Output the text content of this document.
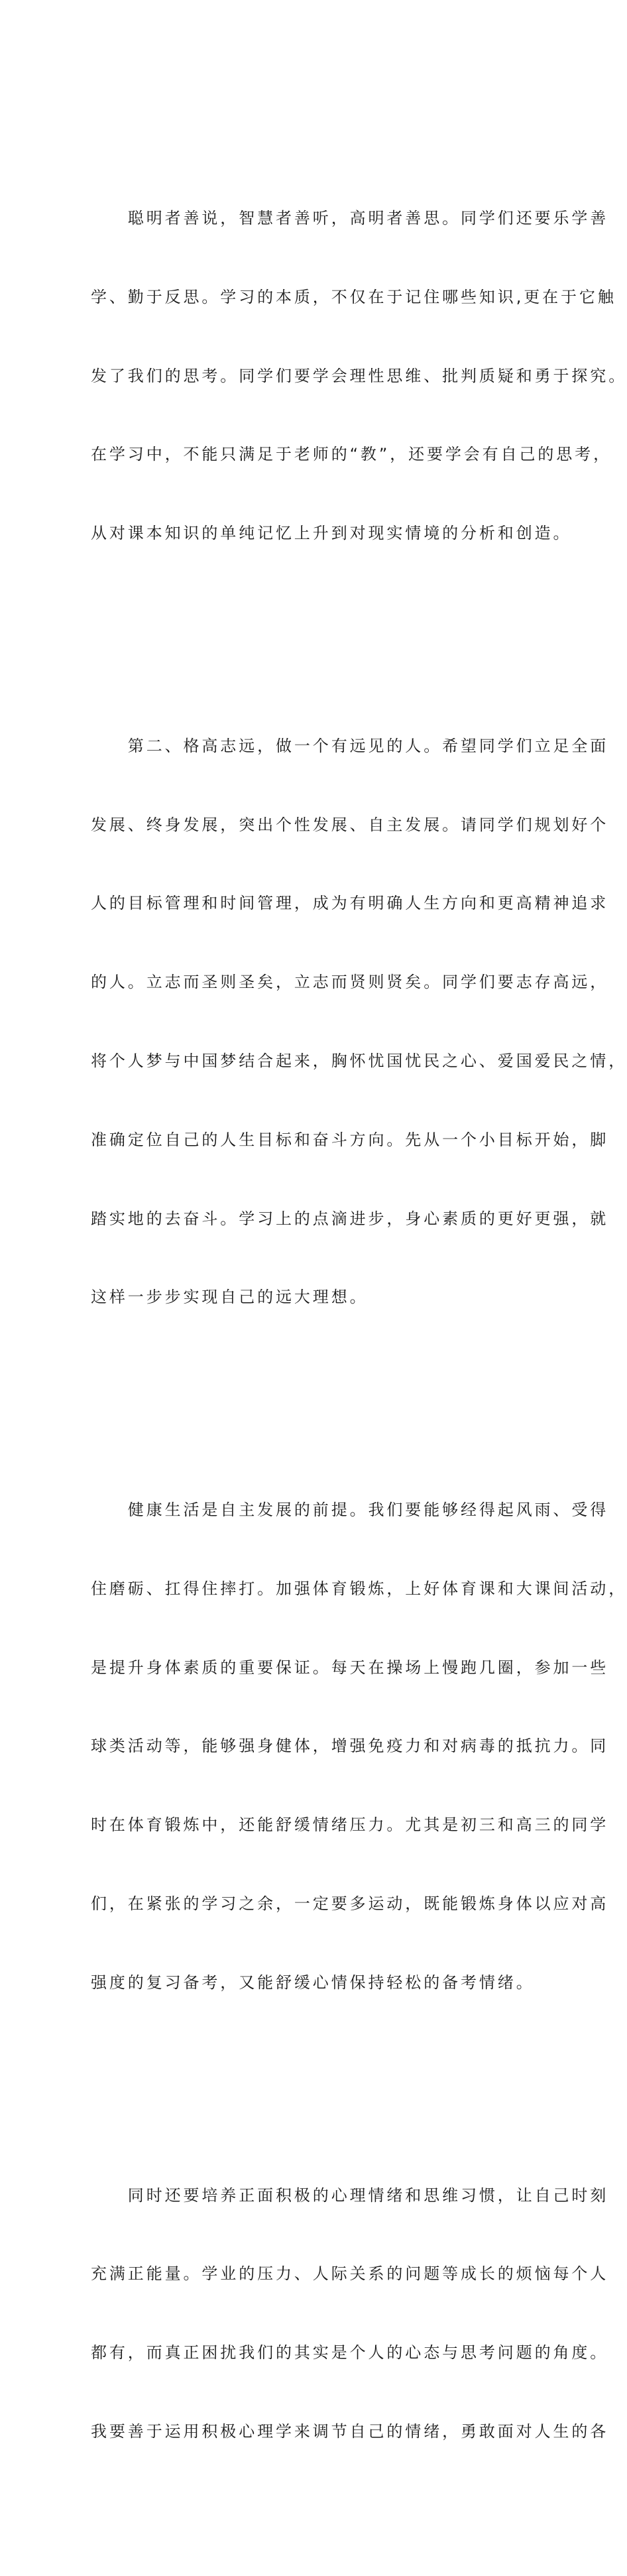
　　聪明者善说，智慧者善听，高明者善思。同学们还要乐学善

学、勤于反思。学习的本质，不仅在于记住哪些知识,更在于它触

发了我们的思考。同学们要学会理性思维、批判质疑和勇于探究。

在学习中，不能只满足于老师的“教”，还要学会有自己的思考，

从对课本知识的单纯记忆上升到对现实情境的分析和创造。

　　第二、格高志远，做一个有远见的人。希望同学们立足全面

发展、终身发展，突出个性发展、自主发展。请同学们规划好个

人的目标管理和时间管理，成为有明确人生方向和更高精神追求

的人。立志而圣则圣矣，立志而贤则贤矣。同学们要志存高远，

将个人梦与中国梦结合起来，胸怀忧国忧民之心、爱国爱民之情，

准确定位自己的人生目标和奋斗方向。先从一个小目标开始，脚

踏实地的去奋斗。学习上的点滴进步，身心素质的更好更强，就

这样一步步实现自己的远大理想。

　　健康生活是自主发展的前提。我们要能够经得起风雨、受得

住磨砺、扛得住摔打。加强体育锻炼，上好体育课和大课间活动，

是提升身体素质的重要保证。每天在操场上慢跑几圈，参加一些

球类活动等，能够强身健体，增强免疫力和对病毒的抵抗力。同

时在体育锻炼中，还能舒缓情绪压力。尤其是初三和高三的同学

们，在紧张的学习之余，一定要多运动，既能锻炼身体以应对高

强度的复习备考，又能舒缓心情保持轻松的备考情绪。

　　同时还要培养正面积极的心理情绪和思维习惯，让自己时刻

充满正能量。学业的压力、人际关系的问题等成长的烦恼每个人

都有，而真正困扰我们的其实是个人的心态与思考问题的角度。

我要善于运用积极心理学来调节自己的情绪，勇敢面对人生的各
